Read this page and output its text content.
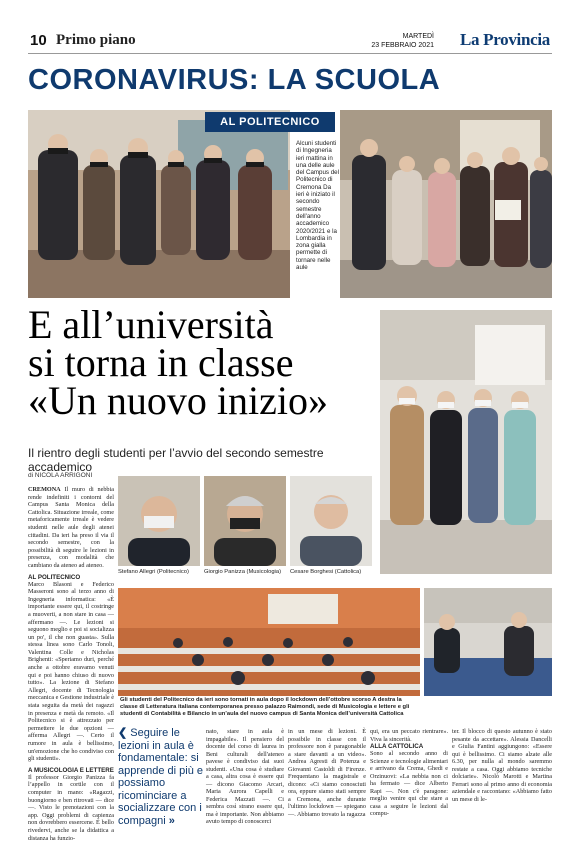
10 Primo piano	MARTEDÌ
23 FEBBRAIO 2021 La Provincia
CORONAVIRUS: LA SCUOLA
AL POLITECNICO
Alcuni studenti di Ingegneria ieri mattina in una delle aule del Campus del Politecnico di Cremona Da ieri è iniziato il secondo semestre dell'anno accademico 2020/2021 e la Lombardia in zona gialla permette di tornare nelle aule
E all’università
si torna in classe
«Un nuovo inizio»
Il rientro degli studenti per l’avvio del secondo semestre accademico
di NICOLA ARRIGONI
CREMONA Il muro di nebbia rende indefiniti i contorni del Campus Santa Monica della Cattolica. Situazione irreale, come metaforicamente irreale è vedere studenti nelle aule degli atenei cittadini. Da ieri ha preso il via il secondo semestre, con la possibilità di seguire le lezioni in presenza, con modalità che cambiano da ateneo ad ateneo.
AL POLITECNICO
Marco Blasoni e Federico Masseroni sono al terzo anno di Ingegneria informatica: «È importante essere qui, il costringe a muoverti, a non stare in casa — affermano —. Le lezioni si seguono meglio e poi si socializza un po', il che non guasta». Sulla stessa linea sono Carlo Tonoli, Valentina Colle e Nicholas Brighenti: «Speriamo duri, perché anche a ottobre eravamo venuti qui e poi hanno chiuso di nuovo tutto». La lezione di Stefano Allegri, docente di Tecnologia meccanica e Gestione industriale è stata seguita da metà dei ragazzi in presenza e metà da remoto. «Il Politecnico si è attrezzato per permettere le due opzioni — afferma Allegri —. Certo il rumore in aula è bellissimo, un'emozione che ho condiviso con gli studenti».
A MUSICOLOGIA E LETTERE
Il professor Giorgio Panizza fa l’appello in cortile con il computer in mano: «Ragazzi, buongiorno e ben ritrovati — dice —. Visto le prenotazioni con la app. Oggi problemi di capienza non dovrebbero essercene. È bello rivedervi, anche se la didattica a distanza ha funzio-
Stefano Allegri (Politecnico)	Giorgio Panizza (Musicologia) Cesare Borghesi (Cattolica)
Gli studenti del Politecnico da ieri sono tornati in aula dopo il lockdown dell’ottobre scorso A destra la classe di Letteratura italiana contemporanea presso palazzo Raimondi, sede di Musicologia e lettere e gli studenti di Contabilità e Bilancio in un’aula del nuovo campus di Santa Monica dell’università Cattolica
❮ Seguire le lezioni in aula è fondamentale: si apprende di più e possiamo ricominciare a socializzare con i compagni »
nato, stare in aula è impagabile». Il pensiero del docente del corso di laurea in Beni culturali dell'ateneo pavese è condiviso dai suoi studenti. «Una cosa è studiare a casa, altra cosa è essere qui — dicono Giacomo Arcari, Maria Aurora Capelli e Federica Mazzati —. Ci sembra così strano essere qui, ma è importante. Non abbiamo avuto tempo di conoscerci
in un mese di lezioni. È possibile in classe con il professore non è paragonabile a stare davanti a un video». Andrea Agresti di Potenza e Giovanni Castoldi di Firenze. Frequentano la magistrale e dicono: «Ci siamo conosciuti ora, eppure siamo stati sempre a Cremona, anche durante l'ultimo lockdown — spiegano —. Abbiamo trovato la ragazza
qui, era un peccato rientrare». Viva la sincerità.
ALLA CATTOLICA
Sono al secondo anno di Scienze e tecnologie alimentari e arrivano da Crema, Ghedi e Orzinuovi: «La nebbia non ci ha fermato — dice Alberto Rapi —. Non c'è paragone: meglio venire qui che stare a casa a seguire le lezioni dal compu-
ter. Il blocco di questo autunno è stato pesante da accettare». Alessia Dancelli e Giulia Fantini aggiungono: «Essere qui è bellissimo. Ci siamo alzate alle 6.30, per nulla al mondo saremmo restate a casa. Oggi abbiamo tecniche dolciarie». Nicolò Marotti e Martina Ferrari sono al primo anno di economia aziendale e raccontano: «Abbiamo fatto un mese di le-
